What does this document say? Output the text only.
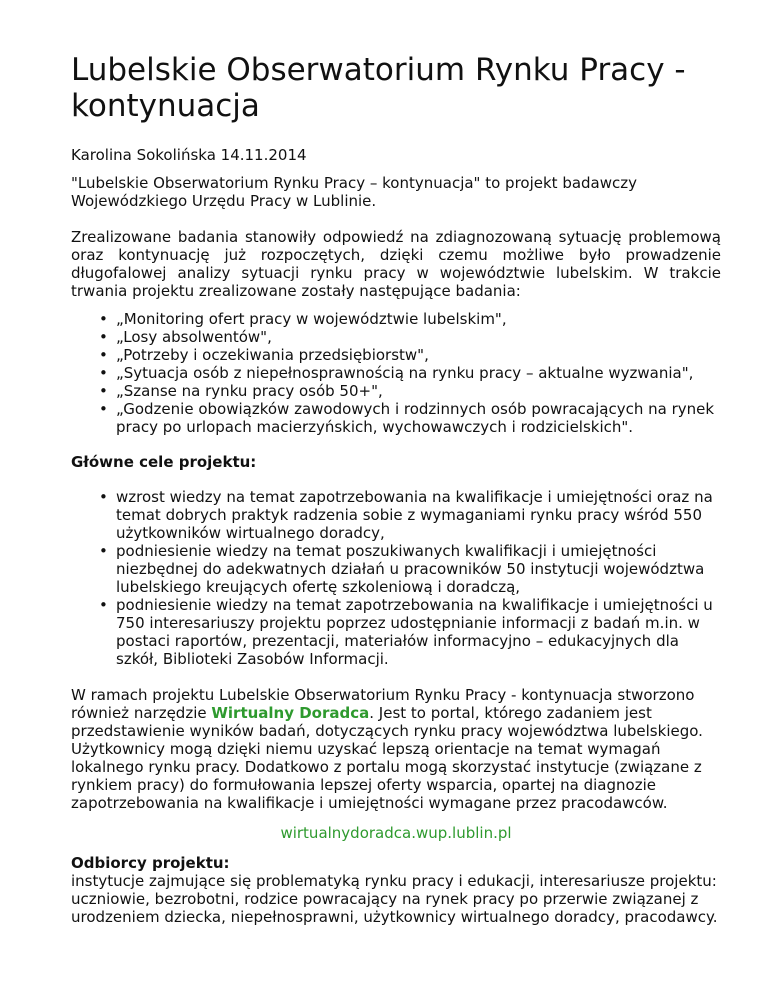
Lubelskie Obserwatorium Rynku Pracy - kontynuacja

Karolina Sokolińska 14.11.2014

"Lubelskie Obserwatorium Rynku Pracy – kontynuacja" to projekt badawczy Wojewódzkiego Urzędu Pracy w Lublinie.

Zrealizowane badania stanowiły odpowiedź na zdiagnozowaną sytuację problemową oraz kontynuację już rozpoczętych, dzięki czemu możliwe było prowadzenie długofalowej analizy sytuacji rynku pracy w województwie lubelskim. W trakcie trwania projektu zrealizowane zostały następujące badania:

• „Monitoring ofert pracy w województwie lubelskim",
• „Losy absolwentów",
• „Potrzeby i oczekiwania przedsiębiorstw",
• „Sytuacja osób z niepełnosprawnością na rynku pracy – aktualne wyzwania",
• „Szanse na rynku pracy osób 50+",
• „Godzenie obowiązków zawodowych i rodzinnych osób powracających na rynek pracy po urlopach macierzyńskich, wychowawczych i rodzicielskich".

Główne cele projektu:

• wzrost wiedzy na temat zapotrzebowania na kwalifikacje i umiejętności oraz na temat dobrych praktyk radzenia sobie z wymaganiami rynku pracy wśród 550 użytkowników wirtualnego doradcy,
• podniesienie wiedzy na temat poszukiwanych kwalifikacji i umiejętności niezbędnej do adekwatnych działań u pracowników 50 instytucji województwa lubelskiego kreujących ofertę szkoleniową i doradczą,
• podniesienie wiedzy na temat zapotrzebowania na kwalifikacje i umiejętności u 750 interesariuszy projektu poprzez udostępnianie informacji z badań m.in. w postaci raportów, prezentacji, materiałów informacyjno – edukacyjnych dla szkół, Biblioteki Zasobów Informacji.

W ramach projektu Lubelskie Obserwatorium Rynku Pracy - kontynuacja stworzono również narzędzie Wirtualny Doradca. Jest to portal, którego zadaniem jest przedstawienie wyników badań, dotyczących rynku pracy województwa lubelskiego. Użytkownicy mogą dzięki niemu uzyskać lepszą orientacje na temat wymagań lokalnego rynku pracy. Dodatkowo z portalu mogą skorzystać instytucje (związane z rynkiem pracy) do formułowania lepszej oferty wsparcia, opartej na diagnozie zapotrzebowania na kwalifikacje i umiejętności wymagane przez pracodawców.

wirtualnydoradca.wup.lublin.pl

Odbiorcy projektu:

instytucje zajmujące się problematyką rynku pracy i edukacji, interesariusze projektu: uczniowie, bezrobotni, rodzice powracający na rynek pracy po przerwie związanej z urodzeniem dziecka, niepełnosprawni, użytkownicy wirtualnego doradcy, pracodawcy.
